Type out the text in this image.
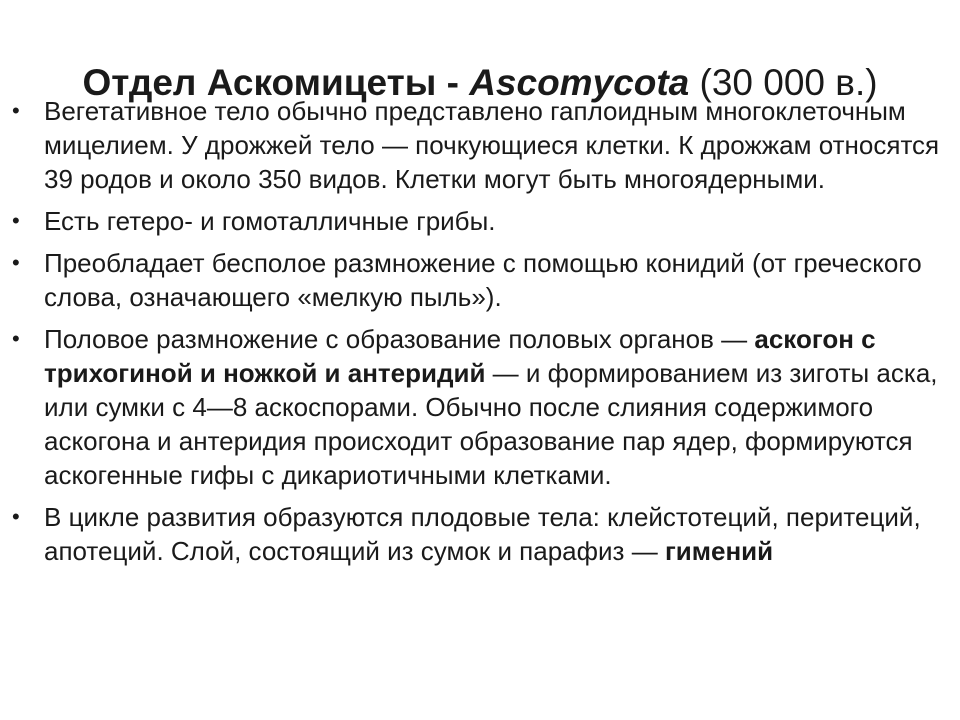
Отдел Аскомицеты - Ascomycota (30 000 в.)
• Вегетативное тело обычно представлено гаплоидным многоклеточным мицелием. У дрожжей тело — почкующиеся клетки. К дрожжам относятся 39 родов и около 350 видов. Клетки могут быть многоядерными.
• Есть гетеро- и гомоталличные грибы.
• Преобладает бесполое размножение с помощью конидий (от греческого слова, означающего «мелкую пыль»).
• Половое размножение с образование половых органов — аскогон с трихогиной и ножкой и антеридий — и формированием из зиготы аска, или сумки с 4—8 аскоспорами. Обычно после слияния содержимого аскогона и антеридия происходит образование пар ядер, формируются аскогенные гифы с дикариотичными клетками.
• В цикле развития образуются плодовые тела: клейстотеций, перитеций, апотеций. Слой, состоящий из сумок и парафиз — гимений
